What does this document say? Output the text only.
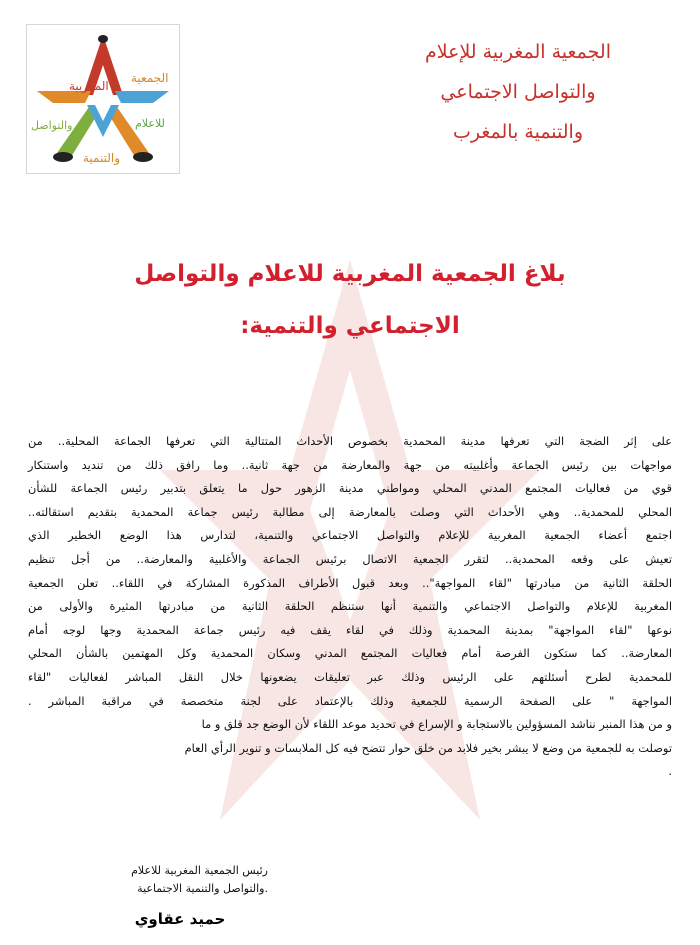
الجمعية
المغربية
والتواصل	للاعلام
والتنمية
الجمعية المغربية للإعلام
والتواصل الاجتماعي
والتنمية بالمغرب
بلاغ الجمعية المغربية للاعلام والتواصل
الاجتماعي والتنمية:
على إثر الضجة التي تعرفها مدينة المحمدية بخصوص الأحداث المتتالية التي تعرفها الجماعة المحلية.. من
مواجهات بين رئيس الجماعة وأغلبيته من جهة والمعارضة من جهة ثانية.. وما رافق ذلك من تنديد واستنكار
قوي من فعاليات المجتمع المدني المحلي ومواطني مدينة الزهور حول ما يتعلق بتدبير رئيس الجماعة للشأن
المحلي للمحمدية.. وهي الأحداث التي وصلت بالمعارضة إلى مطالبة رئيس جماعة المحمدية بتقديم استقالته..
اجتمع أعضاء الجمعية المغربية للإعلام والتواصل الاجتماعي والتنمية، لتدارس هذا الوضع الخطير الذي
تعيش على وقعه المحمدية.. لتقرر الجمعية الاتصال برئيس الجماعة والأغلبية والمعارضة.. من أجل تنظيم
الحلقة الثانية من مبادرتها "لقاء المواجهة".. وبعد قبول الأطراف المذكورة المشاركة في اللقاء.. تعلن الجمعية
المغربية للإعلام والتواصل الاجتماعي والتنمية أنها ستنظم الحلقة الثانية من مبادرتها المثيرة والأولى من
نوعها "لقاء المواجهة" بمدينة المحمدية وذلك في لقاء يقف فيه رئيس جماعة المحمدية وجها لوجه أمام
المعارضة.. كما ستكون الفرصة أمام فعاليات المجتمع المدني وسكان المحمدية وكل المهتمين بالشأن المحلي
للمحمدية لطرح أسئلتهم على الرئيس وذلك عبر تعليقات يضعونها خلال النقل المباشر لفعاليات "لقاء
المواجهة " على الصفحة الرسمية للجمعية وذلك بالإعتماد على لجنة متخصصة في مراقبة المباشر .
و من هذا المنبر نناشد المسؤولين بالاستجابة و الإسراع في تحديد موعد اللقاء لأن الوضع جد قلق و ما
توصلت به للجمعية من وضع لا يبشر بخير فلابد من خلق حوار تتضح فيه كل الملابسات و تنوير الرأي العام
.
رئيس الجمعية المغربية للاعلام
.والتواصل والتنمية الاجتماعية
حميد عقاوي
